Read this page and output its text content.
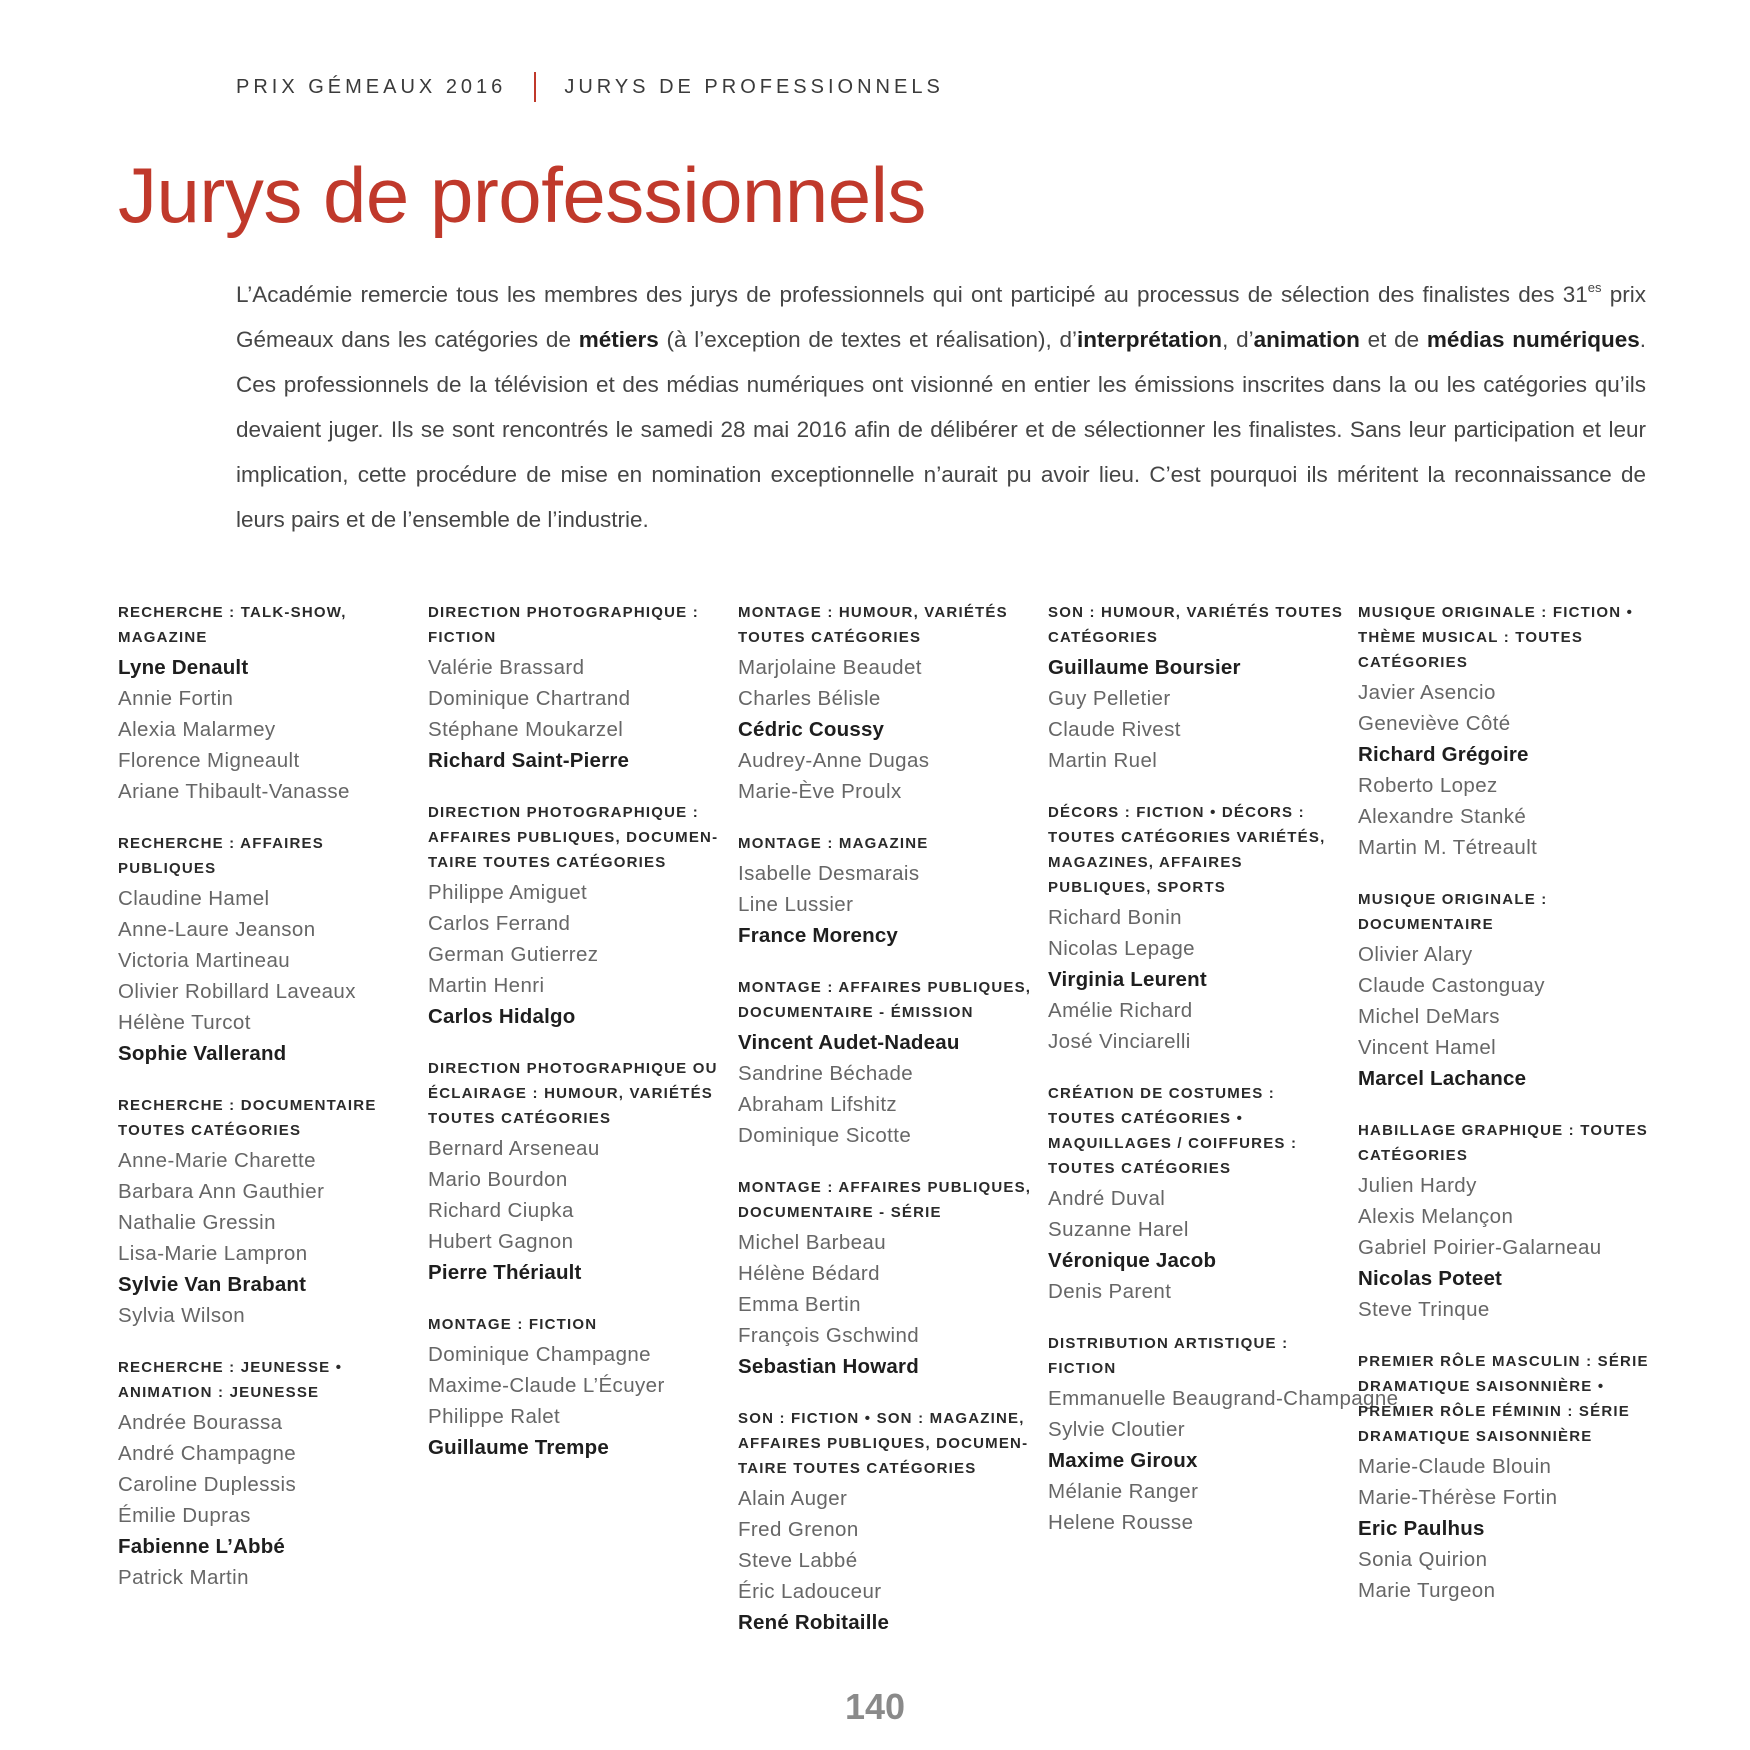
PRIX GÉMEAUX 2016	JURYS DE PROFESSIONNELS
Jurys de professionnels

L’Académie remercie tous les membres des jurys de professionnels qui ont participé au processus de sélection des finalistes des $31^{es}$ prix Gémeaux dans les catégories de métiers (à l’exception de textes et réalisation), d’interprétation, d’animation et de médias numériques. Ces professionnels de la télévision et des médias numériques ont visionné en entier les émissions inscrites dans la ou les catégories qu’ils devaient juger. Ils se sont rencontrés le samedi 28 mai 2016 afin de délibérer et de sélectionner les finalistes. Sans leur participation et leur implication, cette procédure de mise en nomination exceptionnelle n’aurait pu avoir lieu. C’est pourquoi ils méritent la reconnaissance de leurs pairs et de l’ensemble de l’industrie.

RECHERCHE : TALK-SHOW, MAGAZINE
Lyne Denault
Annie Fortin
Alexia Malarmey
Florence Migneault
Ariane Thibault-Vanasse
RECHERCHE : AFFAIRES PUBLIQUES
Claudine Hamel
Anne-Laure Jeanson
Victoria Martineau
Olivier Robillard Laveaux
Hélène Turcot
Sophie Vallerand
RECHERCHE : DOCUMENTAIRE TOUTES CATÉGORIES
Anne-Marie Charette
Barbara Ann Gauthier
Nathalie Gressin
Lisa-Marie Lampron
Sylvie Van Brabant
Sylvia Wilson
RECHERCHE : JEUNESSE • ANIMATION : JEUNESSE
Andrée Bourassa
André Champagne
Caroline Duplessis
Émilie Dupras
Fabienne L’Abbé
Patrick Martin
DIRECTION PHOTOGRAPHIQUE : FICTION
Valérie Brassard
Dominique Chartrand
Stéphane Moukarzel
Richard Saint-Pierre
DIRECTION PHOTOGRAPHIQUE : AFFAIRES PUBLIQUES, DOCUMEN-TAIRE TOUTES CATÉGORIES
Philippe Amiguet
Carlos Ferrand
German Gutierrez
Martin Henri
Carlos Hidalgo
DIRECTION PHOTOGRAPHIQUE OU ÉCLAIRAGE : HUMOUR, VARIÉTÉS TOUTES CATÉGORIES
Bernard Arseneau
Mario Bourdon
Richard Ciupka
Hubert Gagnon
Pierre Thériault
MONTAGE : FICTION
Dominique Champagne
Maxime-Claude L’Écuyer
Philippe Ralet
Guillaume Trempe
MONTAGE : HUMOUR, VARIÉTÉS TOUTES CATÉGORIES
Marjolaine Beaudet
Charles Bélisle
Cédric Coussy
Audrey-Anne Dugas
Marie-Ève Proulx
MONTAGE : MAGAZINE
Isabelle Desmarais
Line Lussier
France Morency
MONTAGE : AFFAIRES PUBLIQUES, DOCUMENTAIRE - ÉMISSION
Vincent Audet-Nadeau
Sandrine Béchade
Abraham Lifshitz
Dominique Sicotte
MONTAGE : AFFAIRES PUBLIQUES, DOCUMENTAIRE - SÉRIE
Michel Barbeau
Hélène Bédard
Emma Bertin
François Gschwind
Sebastian Howard
SON : FICTION • SON : MAGAZINE, AFFAIRES PUBLIQUES, DOCUMEN-TAIRE TOUTES CATÉGORIES
Alain Auger
Fred Grenon
Steve Labbé
Éric Ladouceur
René Robitaille
SON : HUMOUR, VARIÉTÉS TOUTES CATÉGORIES
Guillaume Boursier
Guy Pelletier
Claude Rivest
Martin Ruel
DÉCORS : FICTION • DÉCORS : TOUTES CATÉGORIES VARIÉTÉS, MAGAZINES, AFFAIRES PUBLIQUES, SPORTS
Richard Bonin
Nicolas Lepage
Virginia Leurent
Amélie Richard
José Vinciarelli
CRÉATION DE COSTUMES : TOUTES CATÉGORIES • MAQUILLAGES / COIFFURES : TOUTES CATÉGORIES
André Duval
Suzanne Harel
Véronique Jacob
Denis Parent
DISTRIBUTION ARTISTIQUE : FICTION
Emmanuelle Beaugrand-Champagne
Sylvie Cloutier
Maxime Giroux
Mélanie Ranger
Helene Rousse
MUSIQUE ORIGINALE : FICTION • THÈME MUSICAL : TOUTES CATÉGORIES
Javier Asencio
Geneviève Côté
Richard Grégoire
Roberto Lopez
Alexandre Stanké
Martin M. Tétreault
MUSIQUE ORIGINALE : DOCUMENTAIRE
Olivier Alary
Claude Castonguay
Michel DeMars
Vincent Hamel
Marcel Lachance
HABILLAGE GRAPHIQUE : TOUTES CATÉGORIES
Julien Hardy
Alexis Melançon
Gabriel Poirier-Galarneau
Nicolas Poteet
Steve Trinque
PREMIER RÔLE MASCULIN : SÉRIE DRAMATIQUE SAISONNIÈRE • PREMIER RÔLE FÉMININ : SÉRIE DRAMATIQUE SAISONNIÈRE
Marie-Claude Blouin
Marie-Thérèse Fortin
Eric Paulhus
Sonia Quirion
Marie Turgeon
140
